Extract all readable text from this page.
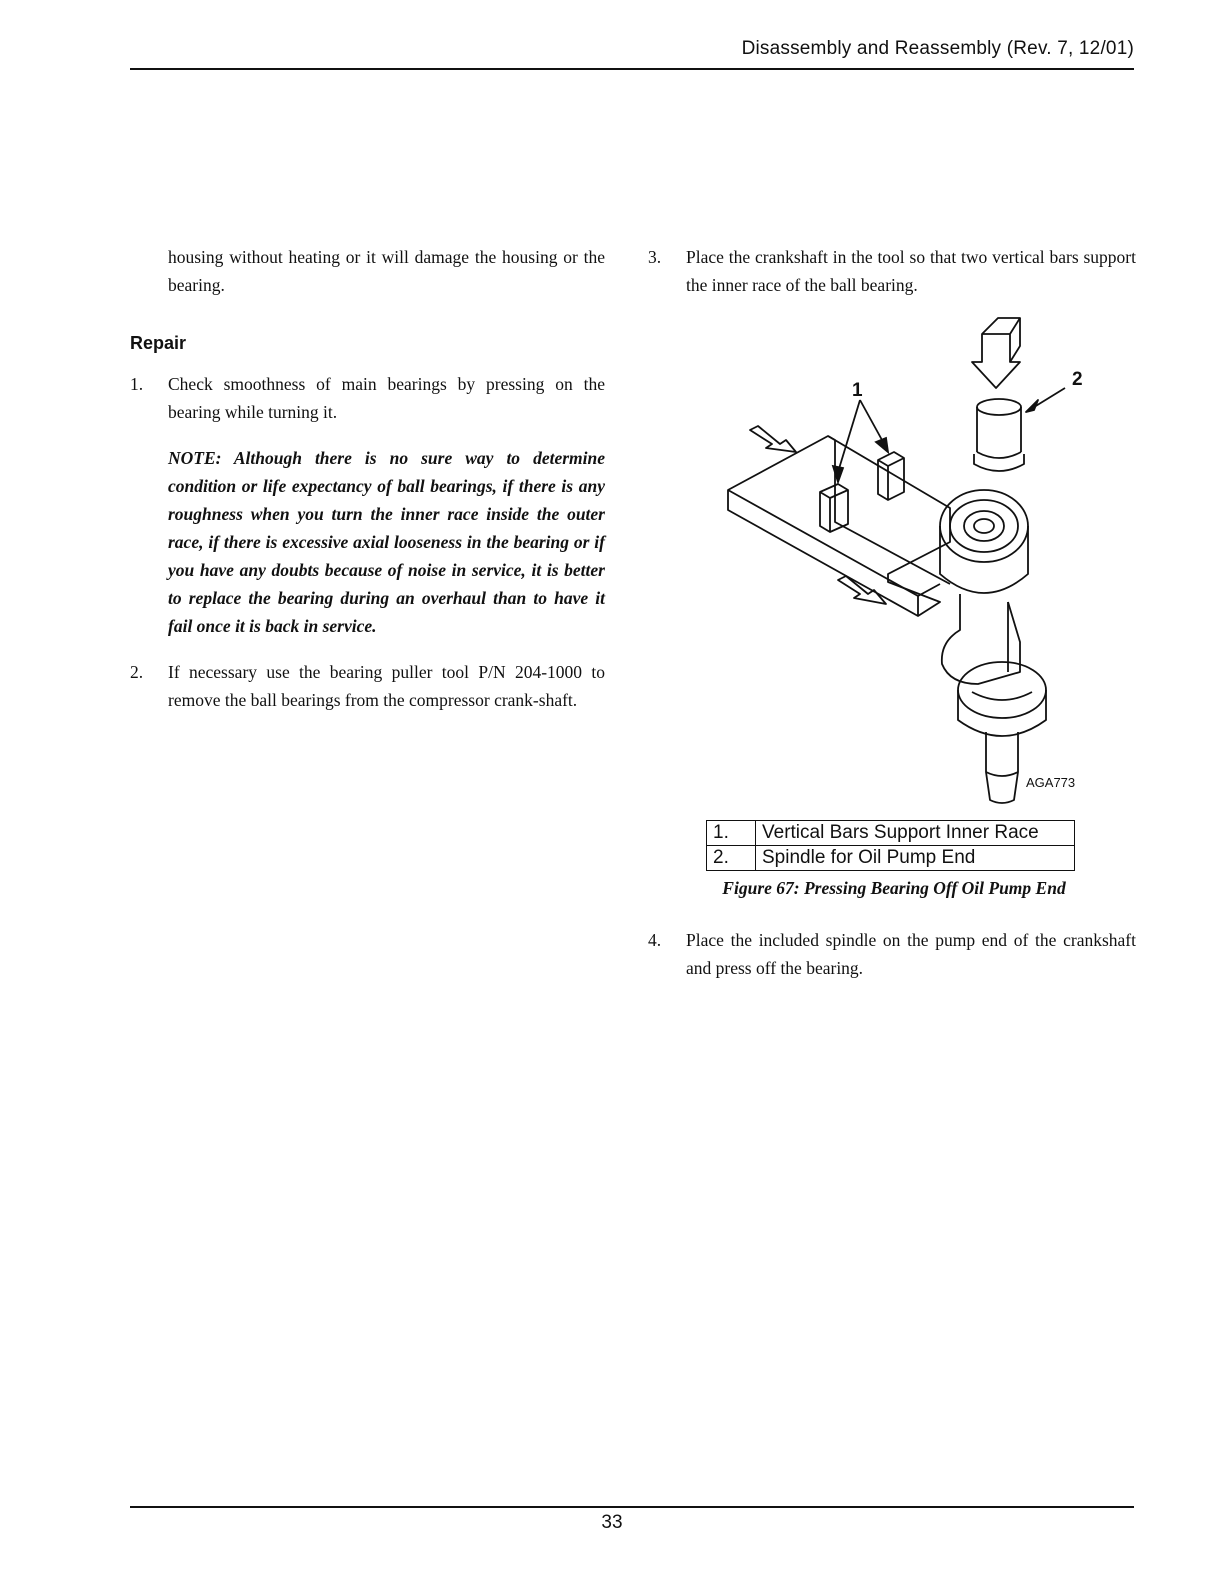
Disassembly and Reassembly (Rev. 7, 12/01)

housing without heating or it will damage the housing or the bearing.

Repair
1. Check smoothness of main bearings by pressing on the bearing while turning it.
NOTE: Although there is no sure way to determine condition or life expectancy of ball bearings, if there is any roughness when you turn the inner race inside the outer race, if there is excessive axial looseness in the bearing or if you have any doubts because of noise in service, it is better to replace the bearing during an overhaul than to have it fail once it is back in service.
2. If necessary use the bearing puller tool P/N 204-1000 to remove the ball bearings from the compressor crank-shaft.
3. Place the crankshaft in the tool so that two vertical bars support the inner race of the ball bearing.
1
2
AGA773
1.	Vertical Bars Support Inner Race
2.	Spindle for Oil Pump End
Figure 67: Pressing Bearing Off Oil Pump End
4. Place the included spindle on the pump end of the crankshaft and press off the bearing.
33
